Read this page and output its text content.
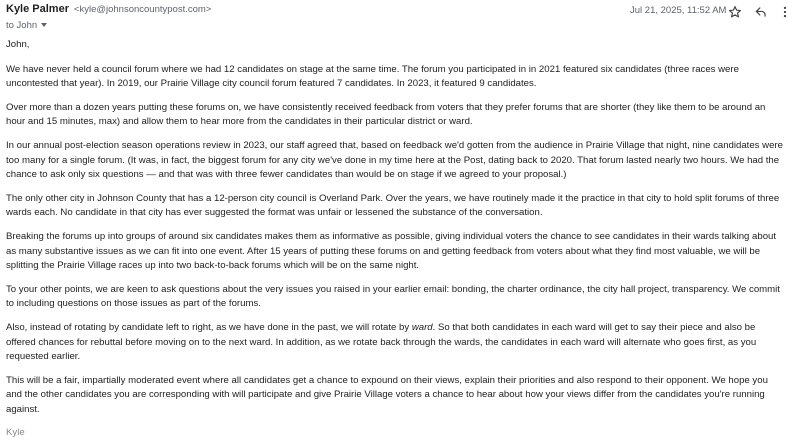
Kyle Palmer <kyle@johnsoncountypost.com>
to John
Jul 21, 2025, 11:52 AM

John,

We have never held a council forum where we had 12 candidates on stage at the same time. The forum you participated in in 2021 featured six candidates (three races were uncontested that year). In 2019, our Prairie Village city council forum featured 7 candidates. In 2023, it featured 9 candidates.

Over more than a dozen years putting these forums on, we have consistently received feedback from voters that they prefer forums that are shorter (they like them to be around an hour and 15 minutes, max) and allow them to hear more from the candidates in their particular district or ward.

In our annual post-election season operations review in 2023, our staff agreed that, based on feedback we'd gotten from the audience in Prairie Village that night, nine candidates were too many for a single forum. (It was, in fact, the biggest forum for any city we've done in my time here at the Post, dating back to 2020. That forum lasted nearly two hours. We had the chance to ask only six questions — and that was with three fewer candidates than would be on stage if we agreed to your proposal.)

The only other city in Johnson County that has a 12-person city council is Overland Park. Over the years, we have routinely made it the practice in that city to hold split forums of three wards each. No candidate in that city has ever suggested the format was unfair or lessened the substance of the conversation.

Breaking the forums up into groups of around six candidates makes them as informative as possible, giving individual voters the chance to see candidates in their wards talking about as many substantive issues as we can fit into one event. After 15 years of putting these forums on and getting feedback from voters about what they find most valuable, we will be splitting the Prairie Village races up into two back-to-back forums which will be on the same night.

To your other points, we are keen to ask questions about the very issues you raised in your earlier email: bonding, the charter ordinance, the city hall project, transparency. We commit to including questions on those issues as part of the forums.

Also, instead of rotating by candidate left to right, as we have done in the past, we will rotate by ward. So that both candidates in each ward will get to say their piece and also be offered chances for rebuttal before moving on to the next ward. In addition, as we rotate back through the wards, the candidates in each ward will alternate who goes first, as you requested earlier.

This will be a fair, impartially moderated event where all candidates get a chance to expound on their views, explain their priorities and also respond to their opponent. We hope you and the other candidates you are corresponding with will participate and give Prairie Village voters a chance to hear about how your views differ from the candidates you're running against.

Kyle
